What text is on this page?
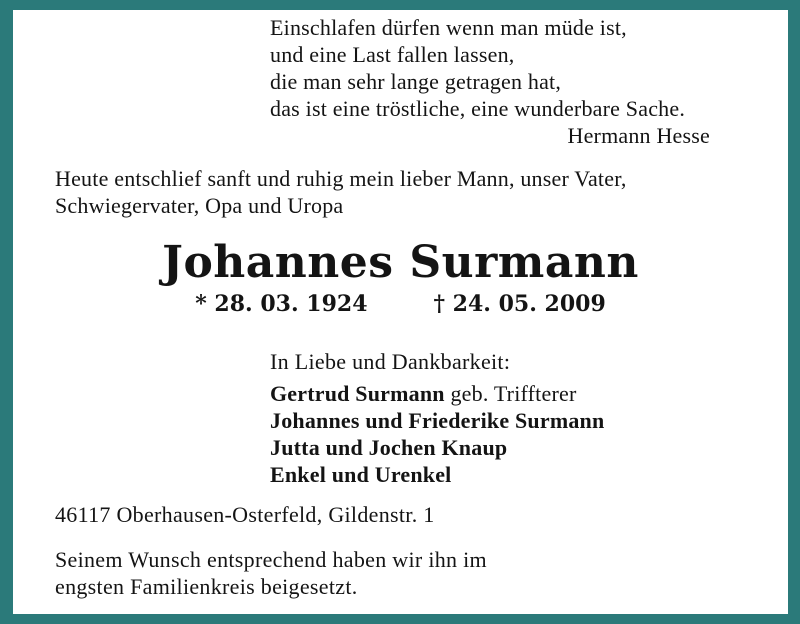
Einschlafen dürfen wenn man müde ist,
und eine Last fallen lassen,
die man sehr lange getragen hat,
das ist eine tröstliche, eine wunderbare Sache.
Hermann Hesse
Heute entschlief sanft und ruhig mein lieber Mann, unser Vater,
Schwiegervater, Opa und Uropa
Johannes Surmann
* 28. 03. 1924	† 24. 05. 2009
In Liebe und Dankbarkeit:
Gertrud Surmann geb. Triffterer
Johannes und Friederike Surmann
Jutta und Jochen Knaup
Enkel und Urenkel
46117 Oberhausen-Osterfeld, Gildenstr. 1
Seinem Wunsch entsprechend haben wir ihn im
engsten Familienkreis beigesetzt.
